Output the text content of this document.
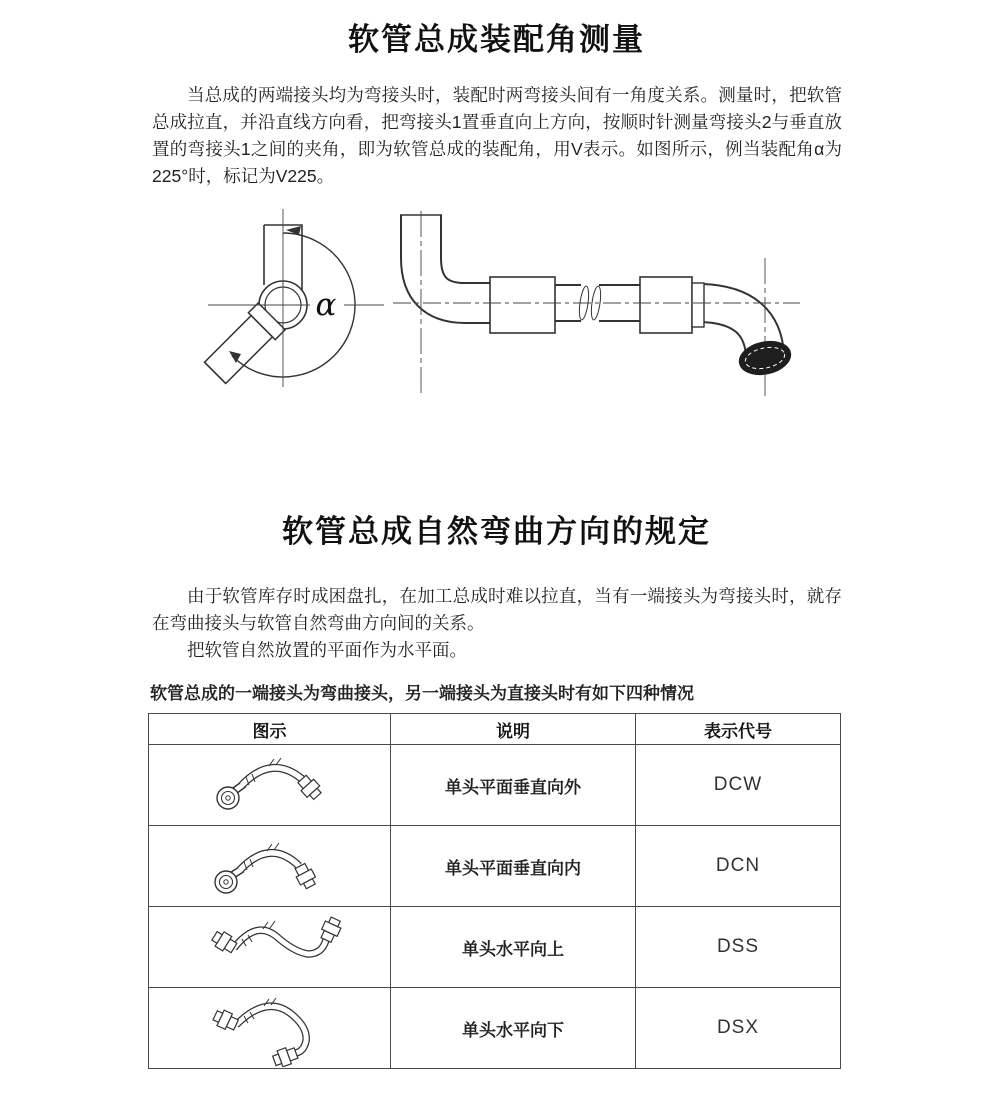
软管总成装配角测量

当总成的两端接头均为弯接头时，装配时两弯接头间有一角度关系。测量时，把软管总成拉直，并沿直线方向看，把弯接头1置垂直向上方向，按顺时针测量弯接头2与垂直放置的弯接头1之间的夹角，即为软管总成的装配角，用V表示。如图所示，例当装配角α为225°时，标记为V225。

α
软管总成自然弯曲方向的规定

由于软管库存时成困盘扎，在加工总成时难以拉直，当有一端接头为弯接头时，就存在弯曲接头与软管自然弯曲方向间的关系。

把软管自然放置的平面作为水平面。

软管总成的一端接头为弯曲接头，另一端接头为直接头时有如下四种情况

图示	说明	表示代号

	单头平面垂直向外	DCW

	单头平面垂直向内	DCN

	单头水平向上	DSS

	单头水平向下	DSX
